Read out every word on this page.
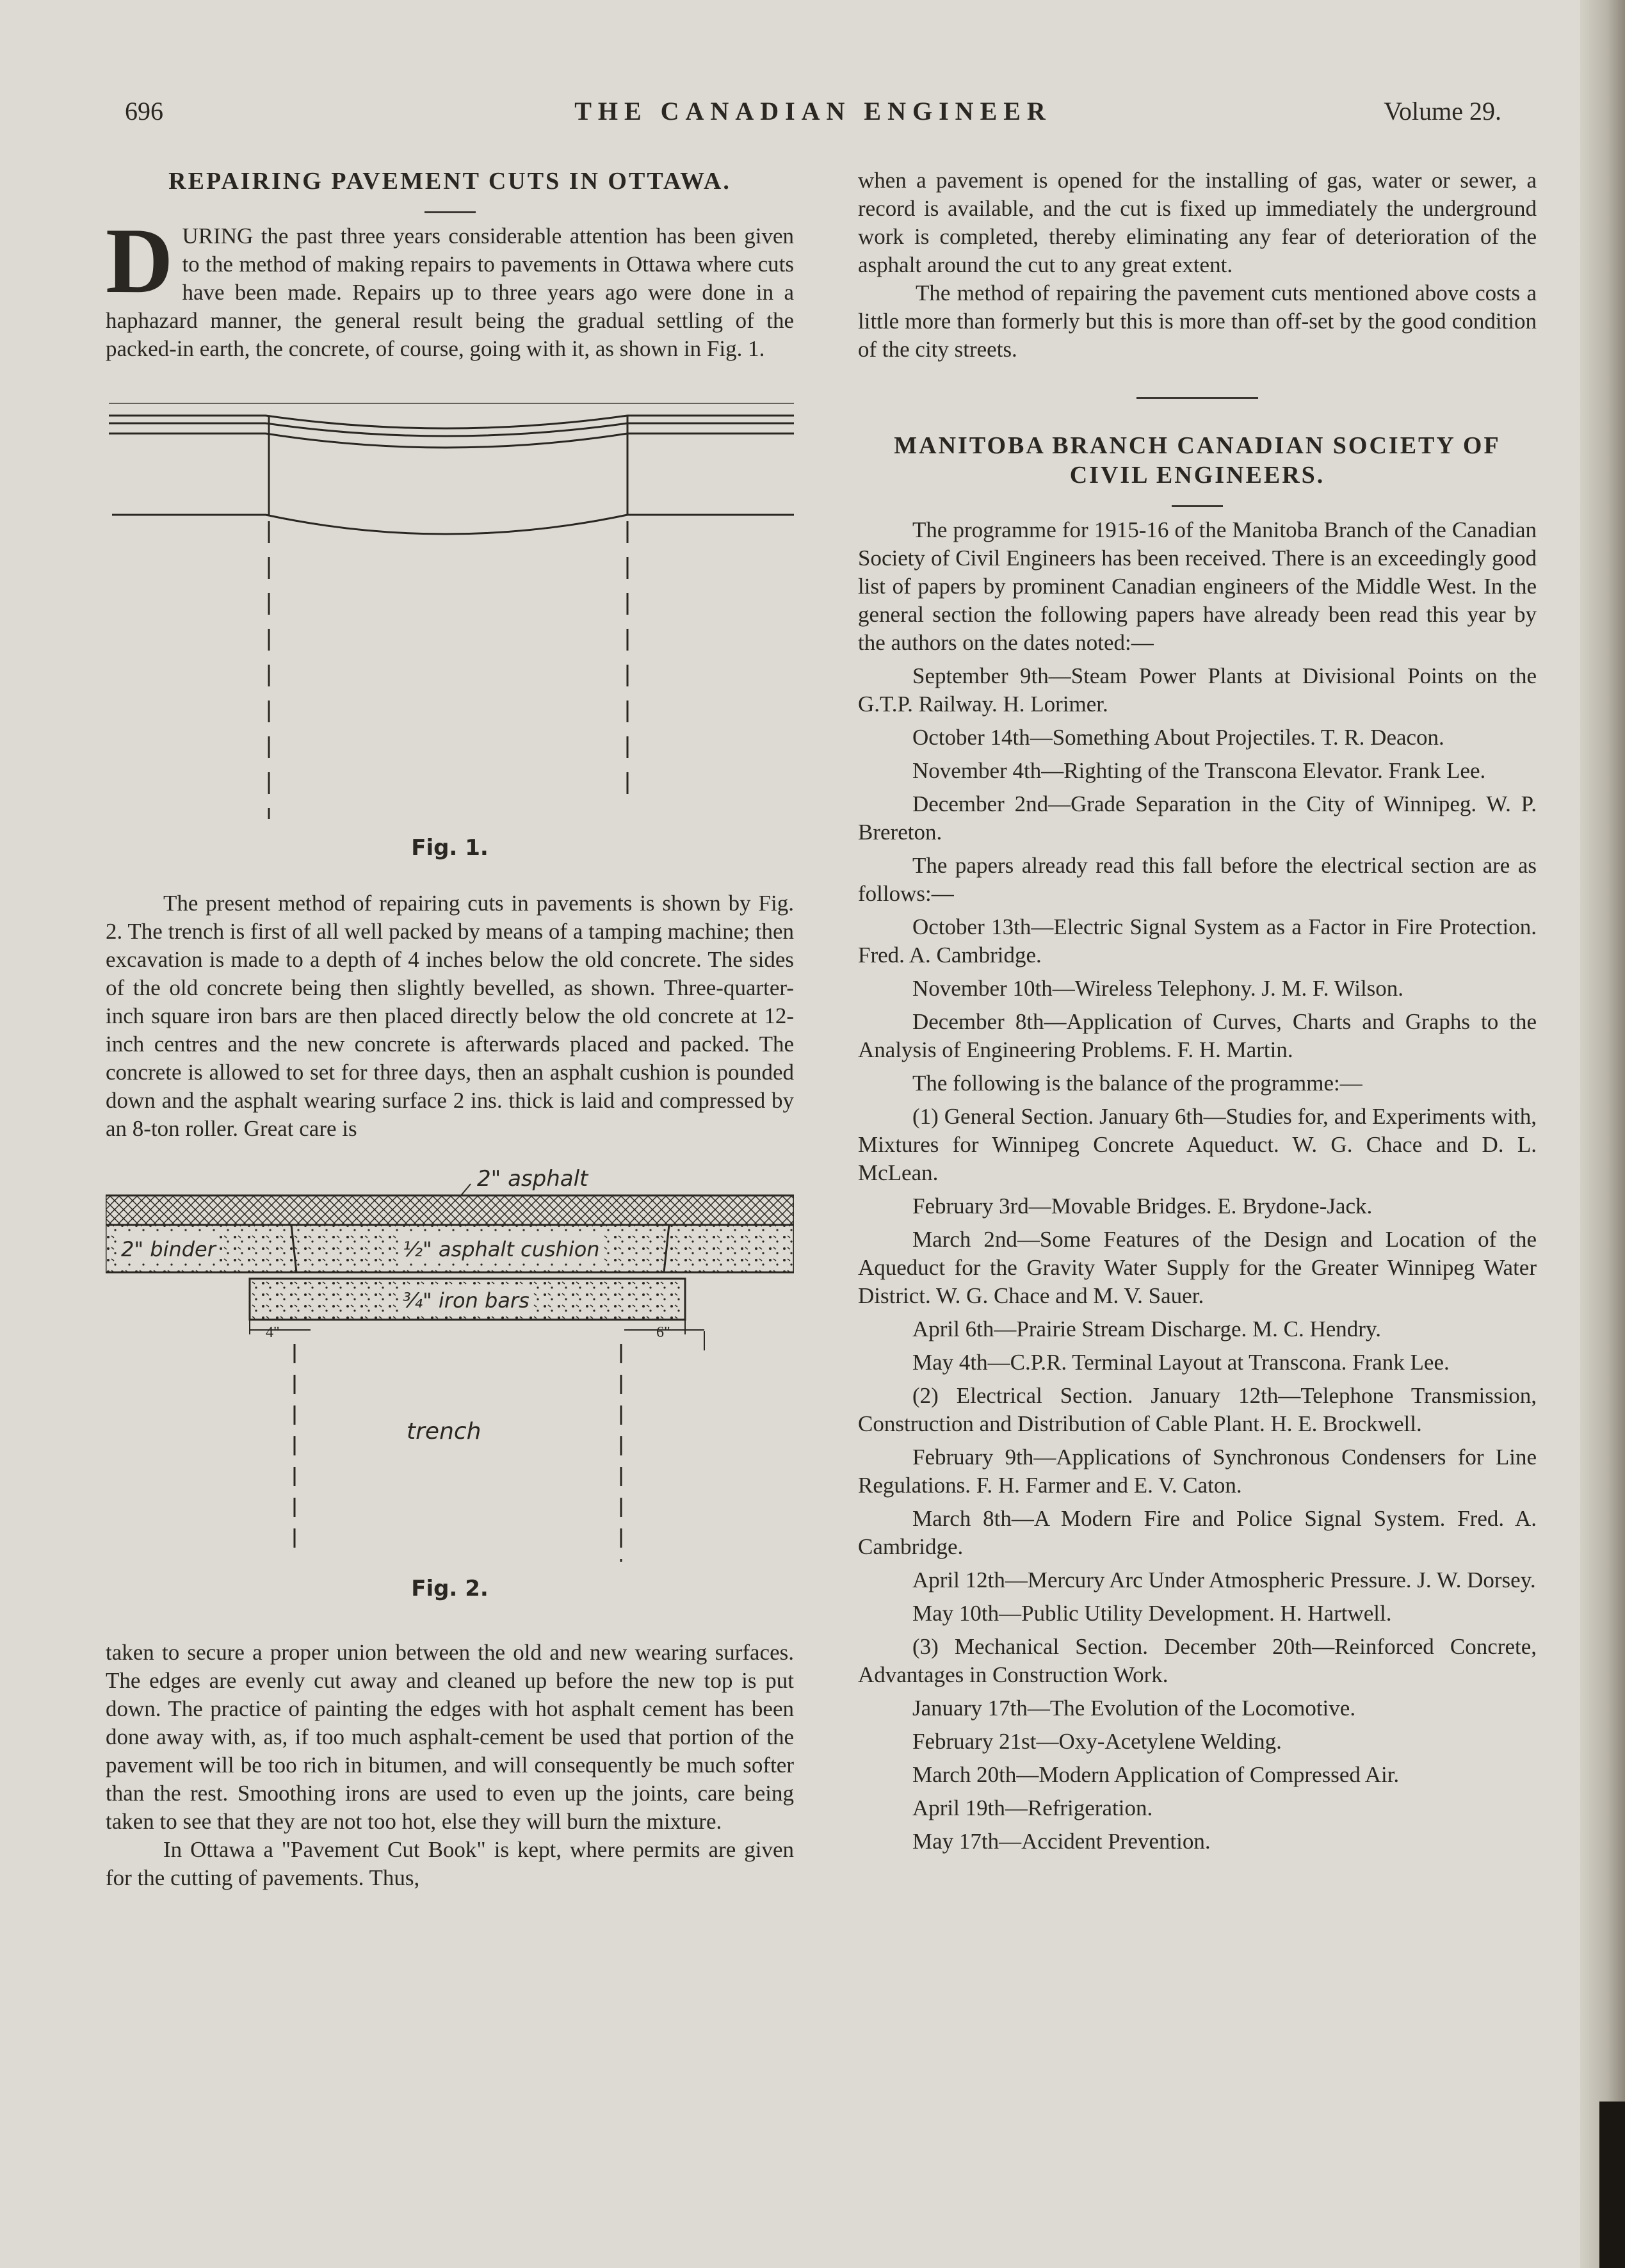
696	THE CANADIAN ENGINEER	Volume 29.
REPAIRING PAVEMENT CUTS IN OTTAWA.

DURING the past three years considerable attention has been given to the method of making repairs to pavements in Ottawa where cuts have been made. Repairs up to three years ago were done in a haphazard manner, the general result being the gradual settling of the packed-in earth, the concrete, of course, going with it, as shown in Fig. 1.

Fig. 1.

The present method of repairing cuts in pavements is shown by Fig. 2. The trench is first of all well packed by means of a tamping machine; then excavation is made to a depth of 4 inches below the old concrete. The sides of the old concrete being then slightly bevelled, as shown. Three-quarter-inch square iron bars are then placed directly below the old concrete at 12-inch centres and the new concrete is afterwards placed and packed. The concrete is allowed to set for three days, then an asphalt cushion is pounded down and the asphalt wearing surface 2 ins. thick is laid and compressed by an 8-ton roller. Great care is

2" asphalt
2" binder	½" asphalt cushion
¾" iron bars
4"	6"
trench
Fig. 2.

taken to secure a proper union between the old and new wearing surfaces. The edges are evenly cut away and cleaned up before the new top is put down. The practice of painting the edges with hot asphalt cement has been done away with, as, if too much asphalt-cement be used that portion of the pavement will be too rich in bitumen, and will consequently be much softer than the rest. Smoothing irons are used to even up the joints, care being taken to see that they are not too hot, else they will burn the mixture.

In Ottawa a "Pavement Cut Book" is kept, where permits are given for the cutting of pavements. Thus,

when a pavement is opened for the installing of gas, water or sewer, a record is available, and the cut is fixed up immediately the underground work is completed, thereby eliminating any fear of deterioration of the asphalt around the cut to any great extent.

The method of repairing the pavement cuts mentioned above costs a little more than formerly but this is more than off-set by the good condition of the city streets.

MANITOBA BRANCH CANADIAN SOCIETY OF
CIVIL ENGINEERS.

The programme for 1915-16 of the Manitoba Branch of the Canadian Society of Civil Engineers has been received. There is an exceedingly good list of papers by prominent Canadian engineers of the Middle West. In the general section the following papers have already been read this year by the authors on the dates noted:—

September 9th—Steam Power Plants at Divisional Points on the G.T.P. Railway. H. Lorimer.

October 14th—Something About Projectiles. T. R. Deacon.

November 4th—Righting of the Transcona Elevator. Frank Lee.

December 2nd—Grade Separation in the City of Winnipeg. W. P. Brereton.

The papers already read this fall before the electrical section are as follows:—

October 13th—Electric Signal System as a Factor in Fire Protection. Fred. A. Cambridge.

November 10th—Wireless Telephony. J. M. F. Wilson.

December 8th—Application of Curves, Charts and Graphs to the Analysis of Engineering Problems. F. H. Martin.

The following is the balance of the programme:—

(1) General Section. January 6th—Studies for, and Experiments with, Mixtures for Winnipeg Concrete Aqueduct. W. G. Chace and D. L. McLean.

February 3rd—Movable Bridges. E. Brydone-Jack.

March 2nd—Some Features of the Design and Location of the Aqueduct for the Gravity Water Supply for the Greater Winnipeg Water District. W. G. Chace and M. V. Sauer.

April 6th—Prairie Stream Discharge. M. C. Hendry.

May 4th—C.P.R. Terminal Layout at Transcona. Frank Lee.

(2) Electrical Section. January 12th—Telephone Transmission, Construction and Distribution of Cable Plant. H. E. Brockwell.

February 9th—Applications of Synchronous Condensers for Line Regulations. F. H. Farmer and E. V. Caton.

March 8th—A Modern Fire and Police Signal System. Fred. A. Cambridge.

April 12th—Mercury Arc Under Atmospheric Pressure. J. W. Dorsey.

May 10th—Public Utility Development. H. Hartwell.

(3) Mechanical Section. December 20th—Reinforced Concrete, Advantages in Construction Work.

January 17th—The Evolution of the Locomotive.

February 21st—Oxy-Acetylene Welding.

March 20th—Modern Application of Compressed Air.

April 19th—Refrigeration.

May 17th—Accident Prevention.
